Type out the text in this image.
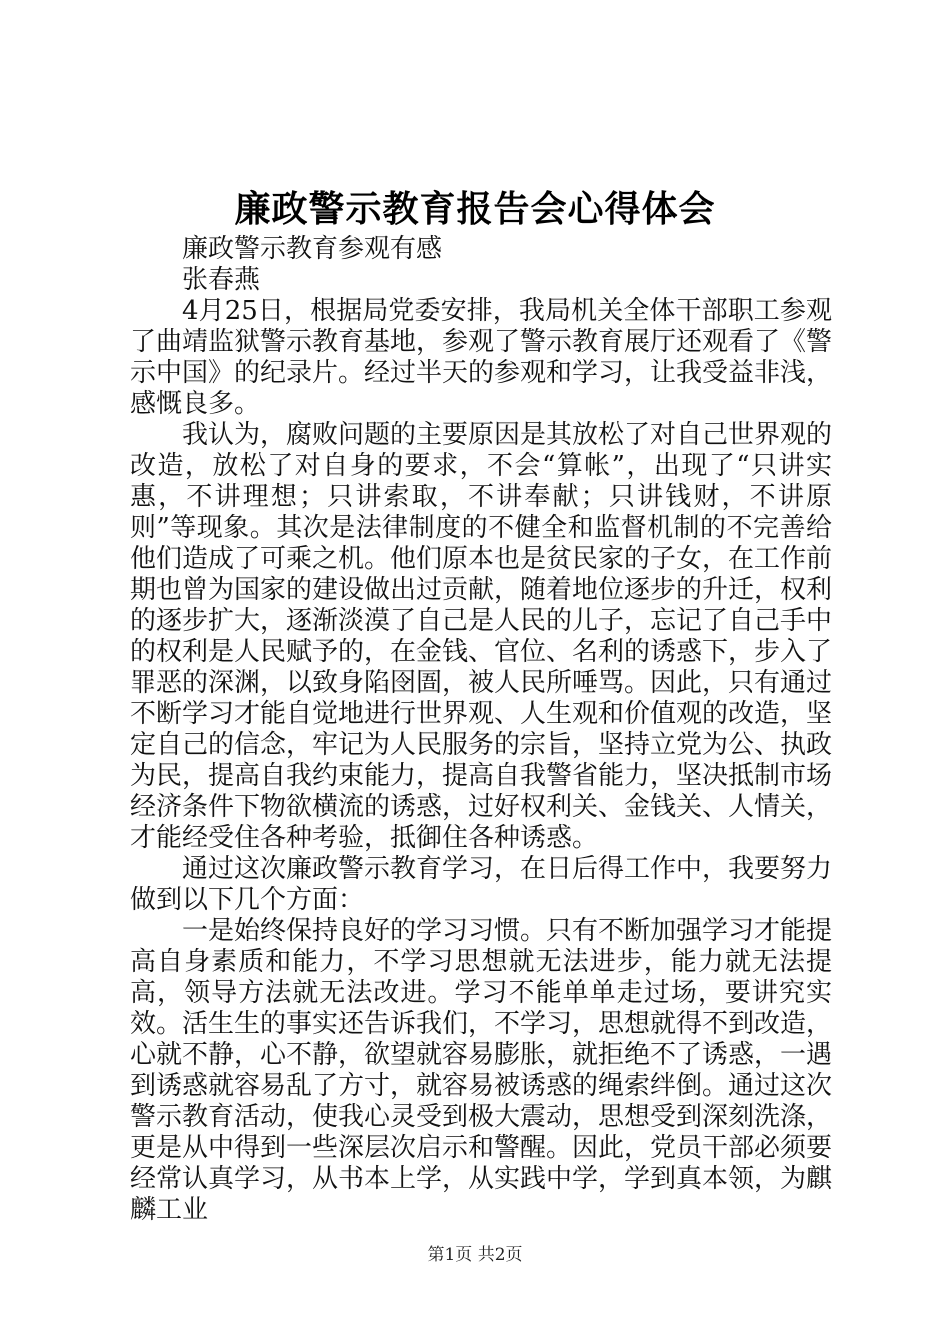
廉政警示教育报告会心得体会

廉政警示教育参观有感

张春燕

4月25日，根据局党委安排，我局机关全体干部职工参观了曲靖监狱警示教育基地，参观了警示教育展厅还观看了《警示中国》的纪录片。经过半天的参观和学习，让我受益非浅，感慨良多。

我认为，腐败问题的主要原因是其放松了对自己世界观的改造，放松了对自身的要求，不会“算帐”，出现了“只讲实惠，不讲理想；只讲索取，不讲奉献；只讲钱财，不讲原则”等现象。其次是法律制度的不健全和监督机制的不完善给他们造成了可乘之机。他们原本也是贫民家的子女，在工作前期也曾为国家的建设做出过贡献，随着地位逐步的升迁，权利的逐步扩大，逐渐淡漠了自己是人民的儿子，忘记了自己手中的权利是人民赋予的，在金钱、官位、名利的诱惑下，步入了罪恶的深渊，以致身陷囹圄，被人民所唾骂。因此，只有通过不断学习才能自觉地进行世界观、人生观和价值观的改造，坚定自己的信念，牢记为人民服务的宗旨，坚持立党为公、执政为民，提高自我约束能力，提高自我警省能力，坚决抵制市场经济条件下物欲横流的诱惑，过好权利关、金钱关、人情关，才能经受住各种考验，抵御住各种诱惑。

通过这次廉政警示教育学习，在日后得工作中，我要努力做到以下几个方面：

一是始终保持良好的学习习惯。只有不断加强学习才能提高自身素质和能力，不学习思想就无法进步，能力就无法提高，领导方法就无法改进。学习不能单单走过场，要讲究实效。活生生的事实还告诉我们，不学习，思想就得不到改造，心就不静，心不静，欲望就容易膨胀，就拒绝不了诱惑，一遇到诱惑就容易乱了方寸，就容易被诱惑的绳索绊倒。通过这次警示教育活动，使我心灵受到极大震动，思想受到深刻洗涤，更是从中得到一些深层次启示和警醒。因此，党员干部必须要经常认真学习，从书本上学，从实践中学，学到真本领，为麒麟工业

第1页 共2页
